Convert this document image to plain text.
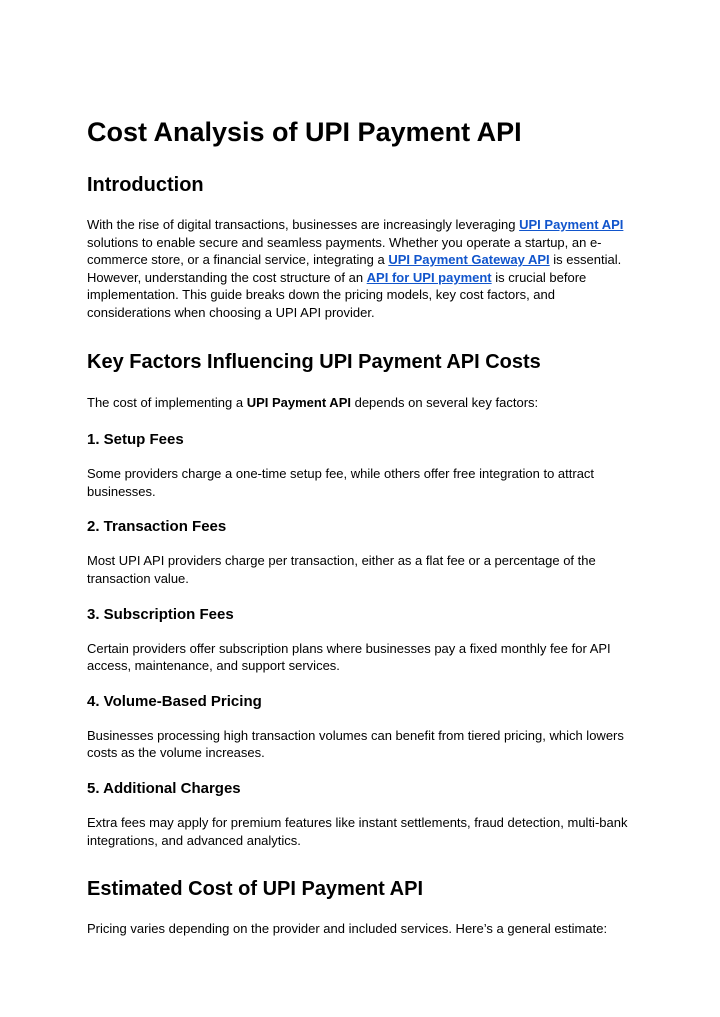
Cost Analysis of UPI Payment API
Introduction

With the rise of digital transactions, businesses are increasingly leveraging UPI Payment API solutions to enable secure and seamless payments. Whether you operate a startup, an e-commerce store, or a financial service, integrating a UPI Payment Gateway API is essential. However, understanding the cost structure of an API for UPI payment is crucial before implementation. This guide breaks down the pricing models, key cost factors, and considerations when choosing a UPI API provider.

Key Factors Influencing UPI Payment API Costs

The cost of implementing a UPI Payment API depends on several key factors:

1. Setup Fees

Some providers charge a one-time setup fee, while others offer free integration to attract businesses.

2. Transaction Fees

Most UPI API providers charge per transaction, either as a flat fee or a percentage of the transaction value.

3. Subscription Fees

Certain providers offer subscription plans where businesses pay a fixed monthly fee for API access, maintenance, and support services.

4. Volume-Based Pricing

Businesses processing high transaction volumes can benefit from tiered pricing, which lowers costs as the volume increases.

5. Additional Charges

Extra fees may apply for premium features like instant settlements, fraud detection, multi-bank integrations, and advanced analytics.

Estimated Cost of UPI Payment API

Pricing varies depending on the provider and included services. Here’s a general estimate:
